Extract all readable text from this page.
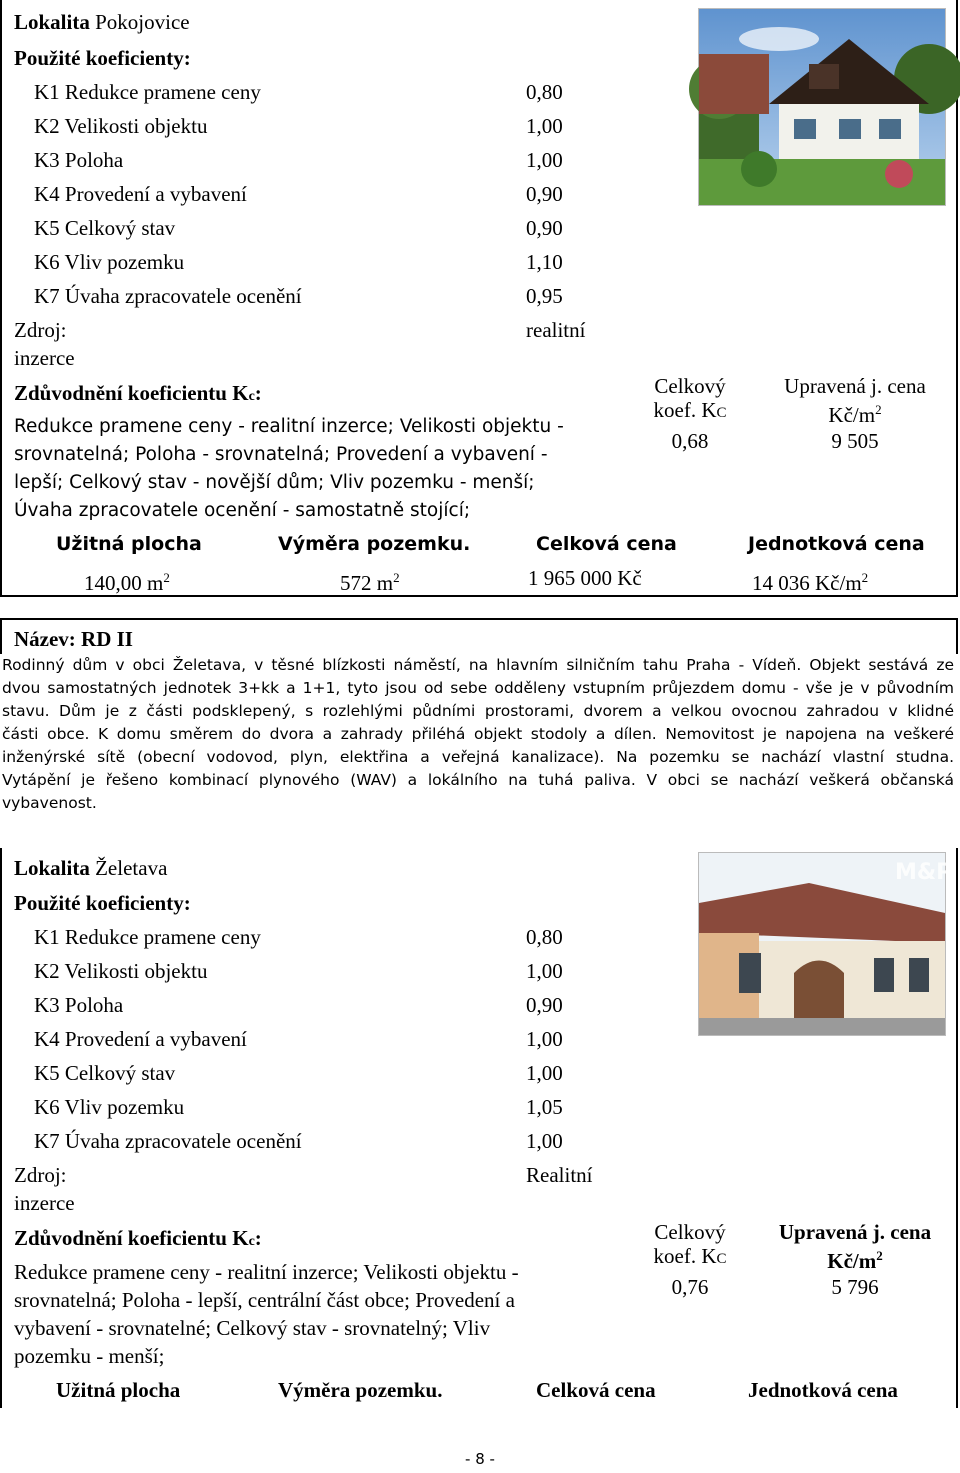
Lokalita Pokojovice
Použité koeficienty:
K1 Redukce pramene ceny	0,80
K2 Velikosti objektu	1,00
K3 Poloha	1,00
K4 Provedení a vybavení	0,90
K5 Celkový stav	0,90
K6 Vliv pozemku	1,10
K7 Úvaha zpracovatele ocenění	0,95
Zdroj:	realitní
inzerce
Zdůvodnění koeficientu Kc:
Redukce pramene ceny - realitní inzerce; Velikosti objektu -
srovnatelná; Poloha - srovnatelná; Provedení a vybavení -
lepší; Celkový stav - novější dům; Vliv pozemku - menší;
Úvaha zpracovatele ocenění - samostatně stojící;
Celkový
koef. KC
0,68
Upravená j. cena
$Kč/m^2$
9 505
Užitná plocha	Výměra pozemku.	Celková cena	Jednotková cena
140,00 $m^2$	572 $m^2$	1 965 000 Kč	14 036 $Kč/m^2$
Název: RD II
Rodinný dům v obci Želetava, v těsné blízkosti náměstí, na hlavním silničním tahu Praha - Vídeň. Objekt sestává ze
dvou samostatných jednotek 3+kk a 1+1, tyto jsou od sebe odděleny vstupním průjezdem domu - vše je v původním
stavu. Dům je z části podsklepený, s rozlehlými půdními prostorami, dvorem a velkou ovocnou zahradou v klidné
části obce. K domu směrem do dvora a zahrady přiléhá objekt stodoly a dílen. Nemovitost je napojena na veškeré
inženýrské sítě (obecní vodovod, plyn, elektřina a veřejná kanalizace). Na pozemku se nachází vlastní studna.
Vytápění je řešeno kombinací plynového (WAV) a lokálního na tuhá paliva. V obci se nachází veškerá občanská
vybavenost.
Lokalita Želetava
Použité koeficienty:
K1 Redukce pramene ceny	0,80
K2 Velikosti objektu	1,00
K3 Poloha	0,90
K4 Provedení a vybavení	1,00
K5 Celkový stav	1,00
K6 Vliv pozemku	1,05
K7 Úvaha zpracovatele ocenění	1,00
Zdroj:	Realitní
inzerce
Zdůvodnění koeficientu Kc:
Redukce pramene ceny - realitní inzerce; Velikosti objektu -
srovnatelná; Poloha - lepší, centrální část obce; Provedení a
vybavení - srovnatelné; Celkový stav - srovnatelný; Vliv
pozemku - menší;
Celkový
koef. KC
0,76
Upravená j. cena
$Kč/m^2$
5 796
Užitná plocha	Výměra pozemku.	Celková cena	Jednotková cena
M&P
- 8 -
